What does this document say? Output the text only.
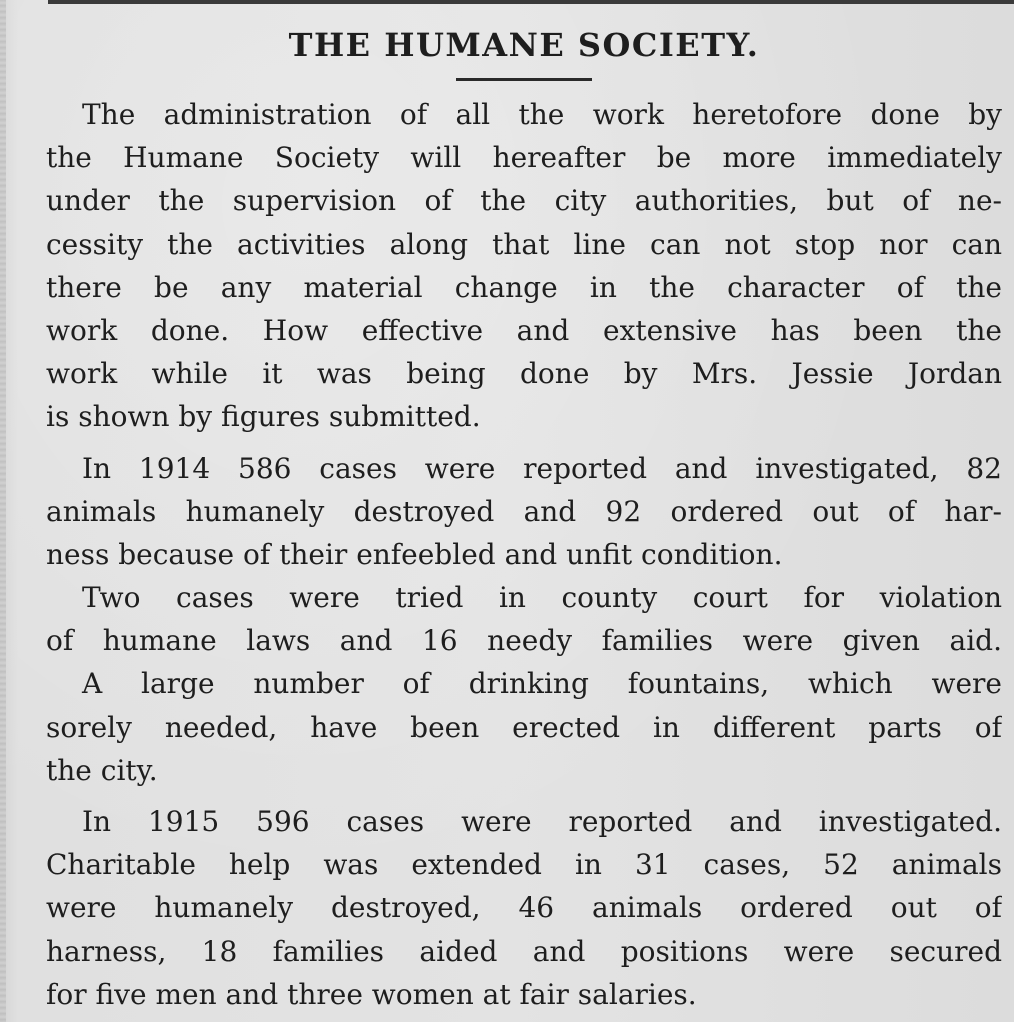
THE HUMANE SOCIETY.
The administration of all the work heretofore done by
the Humane Society will hereafter be more immediately
under the supervision of the city authorities, but of ne-
cessity the activities along that line can not stop nor can
there be any material change in the character of the
work done. How effective and extensive has been the
work while it was being done by Mrs. Jessie Jordan
is shown by figures submitted.
In 1914 586 cases were reported and investigated, 82
animals humanely destroyed and 92 ordered out of har-
ness because of their enfeebled and unfit condition.
Two cases were tried in county court for violation
of humane laws and 16 needy families were given aid.
A large number of drinking fountains, which were
sorely needed, have been erected in different parts of
the city.
In 1915 596 cases were reported and investigated.
Charitable help was extended in 31 cases, 52 animals
were humanely destroyed, 46 animals ordered out of
harness, 18 families aided and positions were secured
for five men and three women at fair salaries.
